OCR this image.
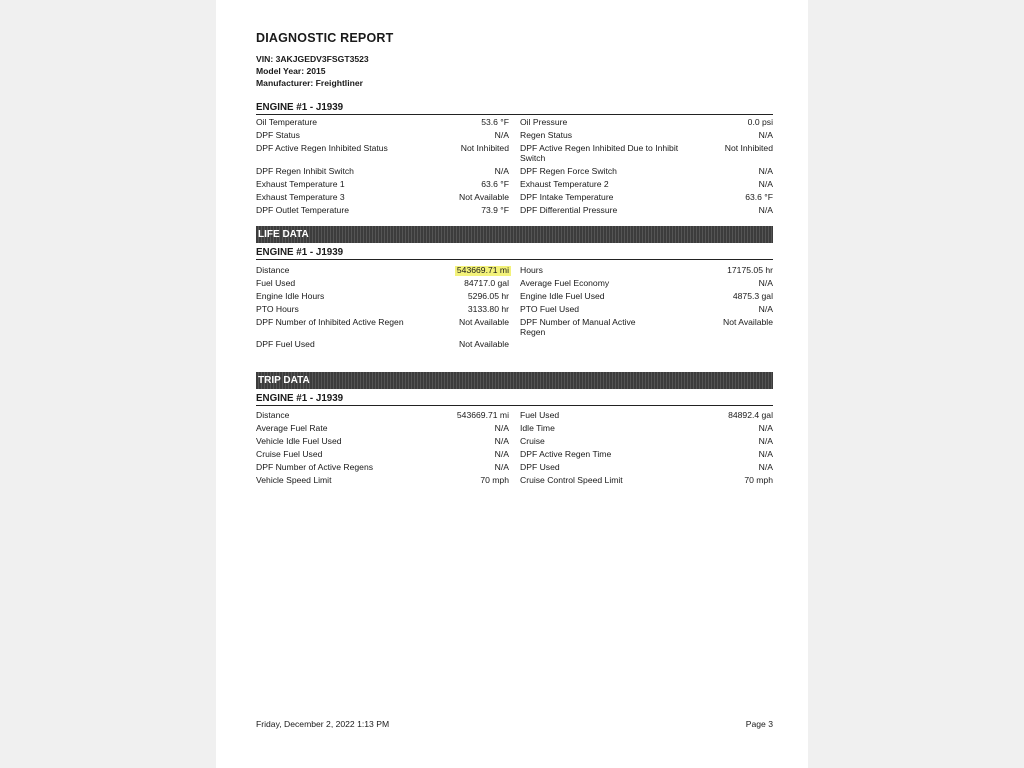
DIAGNOSTIC REPORT
VIN: 3AKJGEDV3FSGT3523
Model Year: 2015
Manufacturer: Freightliner
ENGINE #1 - J1939
Oil Temperature	53.6 °F Oil Pressure	0.0 psi
DPF Status	N/A Regen Status	N/A
DPF Active Regen Inhibited Status	Not Inhibited DPF Active Regen Inhibited Due to Inhibit Switch
Not Inhibited
DPF Regen Inhibit Switch	N/A DPF Regen Force Switch	N/A
Exhaust Temperature 1	63.6 °F Exhaust Temperature 2	N/A
Exhaust Temperature 3	Not Available DPF Intake Temperature	63.6 °F
DPF Outlet Temperature	73.9 °F DPF Differential Pressure	N/A
LIFE DATA
ENGINE #1 - J1939
Distance	543669.71 mi Hours	17175.05 hr
Fuel Used	84717.0 gal Average Fuel Economy	N/A
Engine Idle Hours	5296.05 hr Engine Idle Fuel Used	4875.3 gal
PTO Hours	3133.80 hr PTO Fuel Used	N/A
DPF Number of Inhibited Active Regen	Not Available DPF Number of Manual Active Regen
Not Available
DPF Fuel Used	Not Available
TRIP DATA
ENGINE #1 - J1939
Distance	543669.71 mi Fuel Used	84892.4 gal
Average Fuel Rate	N/A Idle Time	N/A
Vehicle Idle Fuel Used	N/A Cruise	N/A
Cruise Fuel Used	N/A DPF Active Regen Time	N/A
DPF Number of Active Regens	N/A DPF Used	N/A
Vehicle Speed Limit	70 mph Cruise Control Speed Limit	70 mph
Friday, December 2, 2022 1:13 PM	Page 3
